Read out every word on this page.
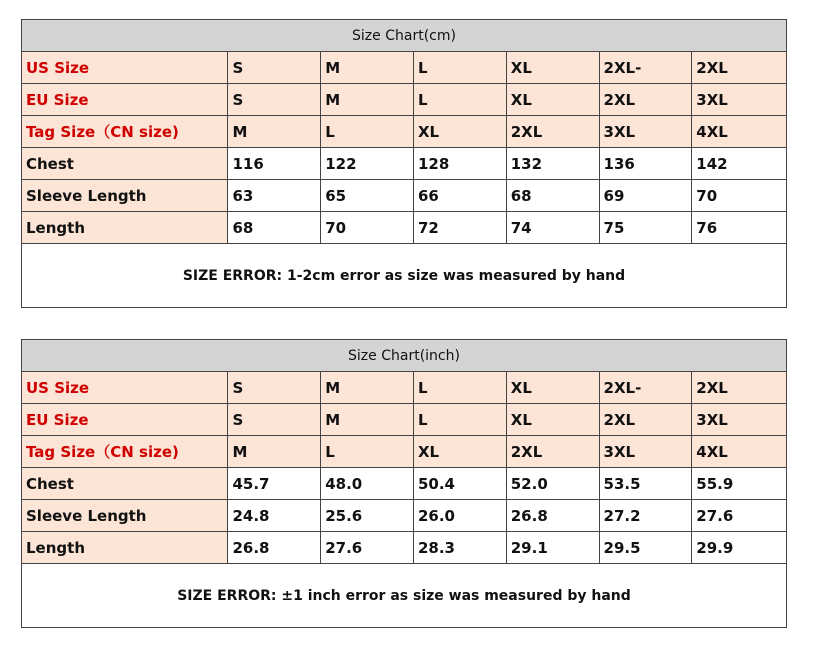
Size Chart(cm)
US Size	S	M	L	XL	2XL-	2XL
EU Size	S	M	L	XL	2XL	3XL
Tag Size（CN size)	M	L	XL	2XL	3XL	4XL
Chest	116	122	128	132	136	142
Sleeve Length	63	65	66	68	69	70
Length	68	70	72	74	75	76
SIZE ERROR: 1-2cm error as size was measured by hand
Size Chart(inch)
US Size	S	M	L	XL	2XL-	2XL
EU Size	S	M	L	XL	2XL	3XL
Tag Size（CN size)	M	L	XL	2XL	3XL	4XL
Chest	45.7	48.0	50.4	52.0	53.5	55.9
Sleeve Length	24.8	25.6	26.0	26.8	27.2	27.6
Length	26.8	27.6	28.3	29.1	29.5	29.9
SIZE ERROR: ±1 inch error as size was measured by hand
